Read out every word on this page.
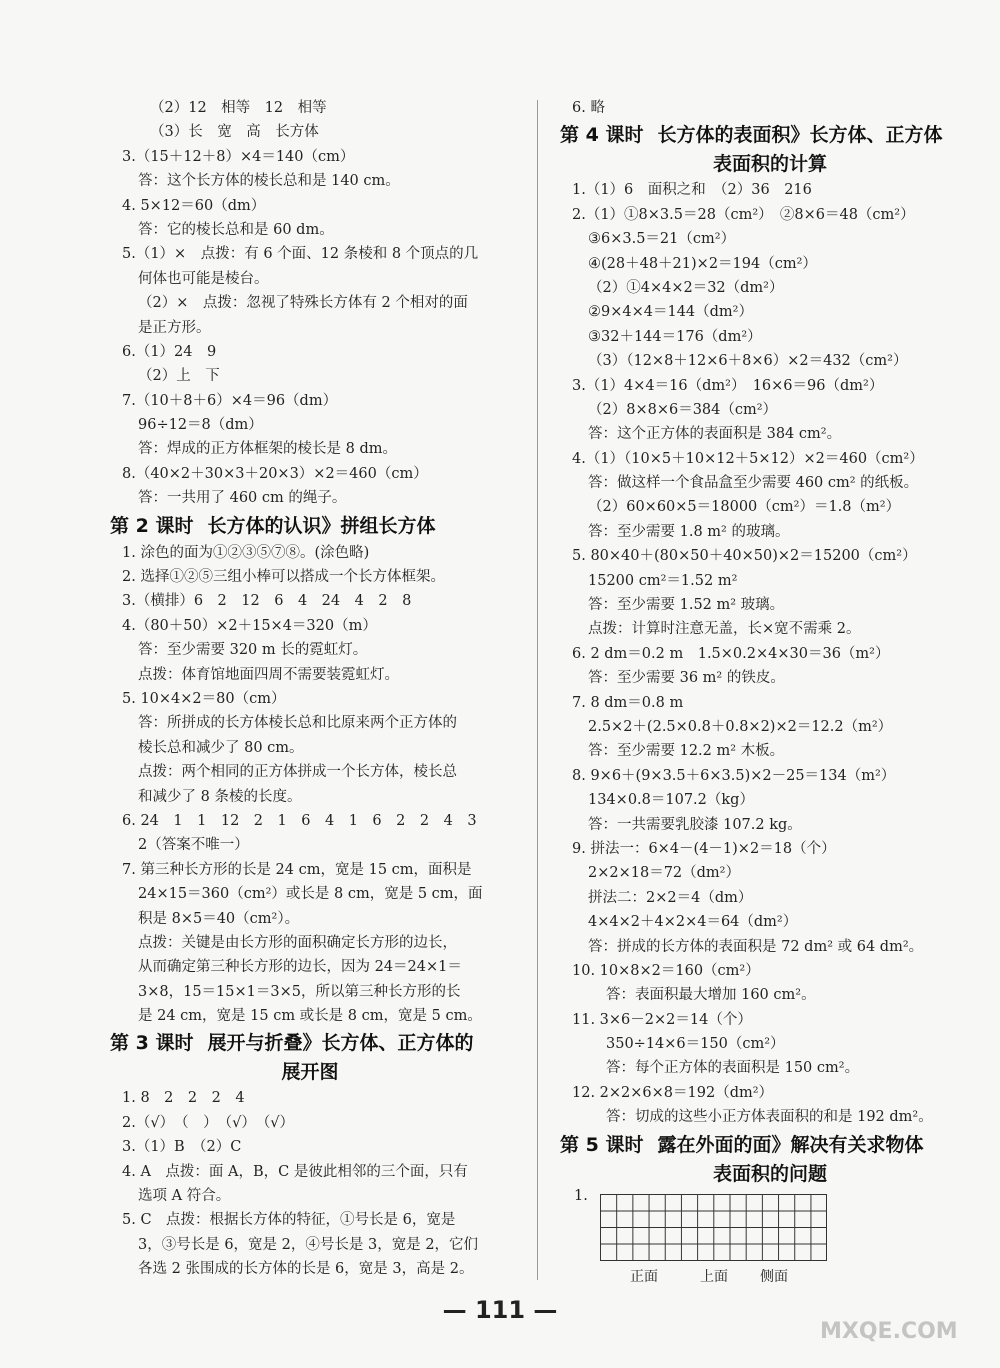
（2）12　相等　12　相等
（3）长　宽　高　长方体
3.（15＋12＋8）×4＝140（cm）
答：这个长方体的棱长总和是 140 cm。
4. 5×12＝60（dm）
答：它的棱长总和是 60 dm。
5.（1）×　点拨：有 6 个面、12 条棱和 8 个顶点的几
何体也可能是棱台。
（2）×　点拨：忽视了特殊长方体有 2 个相对的面
是正方形。
6.（1）24　9
（2）上　下
7.（10＋8＋6）×4＝96（dm）
96÷12＝8（dm）
答：焊成的正方体框架的棱长是 8 dm。
8.（40×2＋30×3＋20×3）×2＝460（cm）
答：一共用了 460 cm 的绳子。
第 2 课时 长方体的认识》拼组长方体
1. 涂色的面为①②③⑤⑦⑧。(涂色略)
2. 选择①②⑤三组小棒可以搭成一个长方体框架。
3.（横排）6　2　12　6　4　24　4　2　8
4.（80＋50）×2＋15×4＝320（m）
答：至少需要 320 m 长的霓虹灯。
点拨：体育馆地面四周不需要装霓虹灯。
5. 10×4×2＝80（cm）
答：所拼成的长方体棱长总和比原来两个正方体的
棱长总和减少了 80 cm。
点拨：两个相同的正方体拼成一个长方体，棱长总
和减少了 8 条棱的长度。
6. 24　1　1　12　2　1　6　4　1　6　2　2　4　3
2（答案不唯一）
7. 第三种长方形的长是 24 cm，宽是 15 cm，面积是
24×15＝360（cm²）或长是 8 cm，宽是 5 cm，面
积是 8×5＝40（cm²）。
点拨：关键是由长方形的面积确定长方形的边长，
从而确定第三种长方形的边长，因为 24＝24×1＝
3×8，15＝15×1＝3×5，所以第三种长方形的长
是 24 cm，宽是 15 cm 或长是 8 cm，宽是 5 cm。
第 3 课时 展开与折叠》长方体、正方体的
展开图
1. 8　2　2　2　4
2.（√）　（　）　（√）　（√）
3.（1）B　（2）C
4. A　点拨：面 A，B，C 是彼此相邻的三个面，只有
选项 A 符合。
5. C　点拨：根据长方体的特征，①号长是 6，宽是
3，③号长是 6，宽是 2，④号长是 3，宽是 2，它们
各选 2 张围成的长方体的长是 6，宽是 3，高是 2。
6. 略
第 4 课时 长方体的表面积》长方体、正方体
表面积的计算
1.（1）6　面积之和　（2）36　216
2.（1）①8×3.5＝28（cm²）　②8×6＝48（cm²）
③6×3.5＝21（cm²）
④(28＋48＋21)×2＝194（cm²）
（2）①4×4×2＝32（dm²）
②9×4×4＝144（dm²）
③32＋144＝176（dm²）
（3）（12×8＋12×6＋8×6）×2＝432（cm²）
3.（1）4×4＝16（dm²）　16×6＝96（dm²）
（2）8×8×6＝384（cm²）
答：这个正方体的表面积是 384 cm²。
4.（1）（10×5＋10×12＋5×12）×2＝460（cm²）
答：做这样一个食品盒至少需要 460 cm² 的纸板。
（2）60×60×5＝18000（cm²）＝1.8（m²）
答：至少需要 1.8 m² 的玻璃。
5. 80×40＋(80×50＋40×50)×2＝15200（cm²）
15200 cm²＝1.52 m²
答：至少需要 1.52 m² 玻璃。
点拨：计算时注意无盖，长×宽不需乘 2。
6. 2 dm＝0.2 m　1.5×0.2×4×30＝36（m²）
答：至少需要 36 m² 的铁皮。
7. 8 dm＝0.8 m
2.5×2＋(2.5×0.8＋0.8×2)×2＝12.2（m²）
答：至少需要 12.2 m² 木板。
8. 9×6＋(9×3.5＋6×3.5)×2－25＝134（m²）
134×0.8＝107.2（kg）
答：一共需要乳胶漆 107.2 kg。
9. 拼法一：6×4－(4－1)×2＝18（个）
2×2×18＝72（dm²）
拼法二：2×2＝4（dm）
4×4×2＋4×2×4＝64（dm²）
答：拼成的长方体的表面积是 72 dm² 或 64 dm²。
10. 10×8×2＝160（cm²）
答：表面积最大增加 160 cm²。
11. 3×6－2×2＝14（个）
350÷14×6＝150（cm²）
答：每个正方体的表面积是 150 cm²。
12. 2×2×6×8＝192（dm²）
答：切成的这些小正方体表面积的和是 192 dm²。
第 5 课时 露在外面的面》解决有关求物体
表面积的问题
1.
正面	上面 侧面
— 111 —
MXQE.COM
